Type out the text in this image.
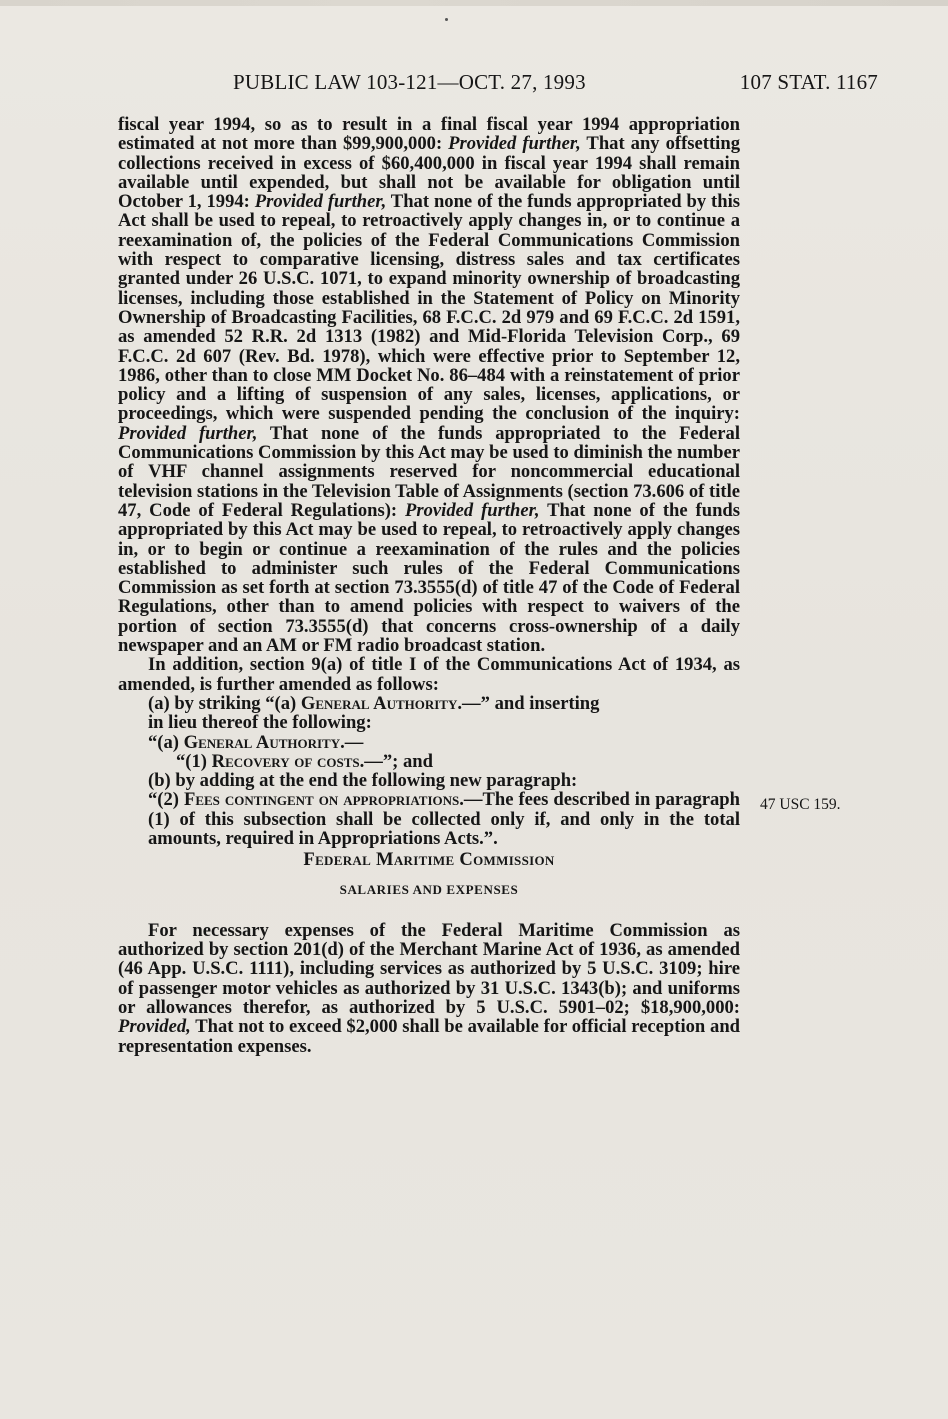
PUBLIC LAW 103-121—OCT. 27, 1993	107 STAT. 1167

fiscal year 1994, so as to result in a final fiscal year 1994 appropriation estimated at not more than $99,900,000: Provided further, That any offsetting collections received in excess of $60,400,000 in fiscal year 1994 shall remain available until expended, but shall not be available for obligation until October 1, 1994: Provided further, That none of the funds appropriated by this Act shall be used to repeal, to retroactively apply changes in, or to continue a reexamination of, the policies of the Federal Communications Commission with respect to comparative licensing, distress sales and tax certificates granted under 26 U.S.C. 1071, to expand minority ownership of broadcasting licenses, including those established in the Statement of Policy on Minority Ownership of Broadcasting Facilities, 68 F.C.C. 2d 979 and 69 F.C.C. 2d 1591, as amended 52 R.R. 2d 1313 (1982) and Mid-Florida Television Corp., 69 F.C.C. 2d 607 (Rev. Bd. 1978), which were effective prior to September 12, 1986, other than to close MM Docket No. 86–484 with a reinstatement of prior policy and a lifting of suspension of any sales, licenses, applications, or proceedings, which were suspended pending the conclusion of the inquiry: Provided further, That none of the funds appropriated to the Federal Communications Commission by this Act may be used to diminish the number of VHF channel assignments reserved for noncommercial educational television stations in the Television Table of Assignments (section 73.606 of title 47, Code of Federal Regulations): Provided further, That none of the funds appropriated by this Act may be used to repeal, to retroactively apply changes in, or to begin or continue a reexamination of the rules and the policies established to administer such rules of the Federal Communications Commission as set forth at section 73.3555(d) of title 47 of the Code of Federal Regulations, other than to amend policies with respect to waivers of the portion of section 73.3555(d) that concerns cross-ownership of a daily newspaper and an AM or FM radio broadcast station.

In addition, section 9(a) of title I of the Communications Act of 1934, as amended, is further amended as follows:

(a) by striking “(a) General Authority.—” and inserting

in lieu thereof the following:

“(a) General Authority.—

“(1) Recovery of costs.—”; and

(b) by adding at the end the following new paragraph:

“(2) Fees contingent on appropriations.—The fees described in paragraph (1) of this subsection shall be collected only if, and only in the total amounts, required in Appropriations Acts.”.

Federal Maritime Commission

SALARIES AND EXPENSES

For necessary expenses of the Federal Maritime Commission as authorized by section 201(d) of the Merchant Marine Act of 1936, as amended (46 App. U.S.C. 1111), including services as authorized by 5 U.S.C. 3109; hire of passenger motor vehicles as authorized by 31 U.S.C. 1343(b); and uniforms or allowances therefor, as authorized by 5 U.S.C. 5901–02; $18,900,000: Provided, That not to exceed $2,000 shall be available for official reception and representation expenses.

47 USC 159.
